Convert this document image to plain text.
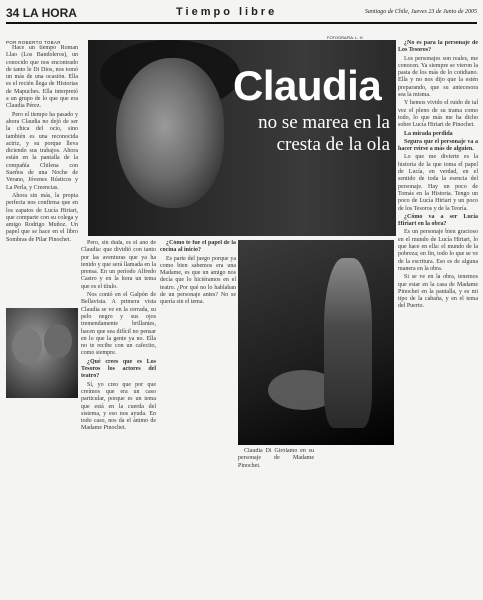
34 LA HORA	Tiempo libre	Santiago de Chile, Jueves 23 de Junio de 2005
POR ROBERTO TOBAR
FOTOGRAFÍA: L. H.

Hace un tiempo Roman Llao (Los Bandoleros), un conocido que nos encontrado de tanto le Di Dios, nos tomó un más de una ocasión. Ella es el recién llega de Historias de Mapuches. Ella interpretó a un grupo de lo que que era Claudia Pérez.

Pero el tiempo ha pasado y ahora Claudia no dejó de ser la chica del ocio, sino también es una reconocida actriz, y su porque lleva diciendo sus trabajos. Ahora están en la pantalla de la compañía Chilena con Sueños de una Noche de Verano, Jóvenes Rústicos y La Perla, y Creencias.

Ahora sin más, la propia perfecta nos confirma que en los zapatos de Lucía Hiriart, que comparte con su colega y amigo Rodrigo Muñoz. Un papel que se hace en el libro Sombras de Pilar Pinochet.

Claudia
no se marea en la cresta de la ola

Pero, sin duda, es el ano de Claudia: que dividió con tanto por las aventuras que ya ha tenido y que será llamada en la prensa. En un período Alfredo Castro y en la hora un tema que es el título.

Nos contó en el Galpón de Bellavista. A primera vista Claudia se ve en la cerrada, su pelo negro y sus ojos tremendamente brillantes, hacen que sea difícil no pensar en lo que la gente ya no. Ella no te recibe con un cafecito, como siempre.

¿Qué crees que es Los Tesoros los actores del teatro?

Sí, yo creo que por que creímos que era un caso particular, porque es un tema que está en la cuerda del sistema, y eso nos ayuda. En todo caso, nos da el ánimo de Madame Pinochet.

¿Cómo te fue el papel de la cocina al inicio?

Es parte del juego porque ya como bien sabemos era una Madame, es que un amigo nos decía que lo hiciéramos en el teatro. ¿Por qué no lo hablaban de un personaje antes? No se quería sin el tema.

Claudia Di Girólamo en su personaje de Madame Pinochet.

¿No es para la personaje de Los Tesoros?

Los personajes son reales, me conocen. Ya siempre se vieron la pasta de los más de lo cotidiano. Ella y no nos dijo que la estén preparando, que su antecesora sea la misma.

Y hemos vivido el ruido de tal vez el pleno de su trama como todo, lo que más me ha dicho sobre Lucía Hiriart de Pinochet.

La mirada perdida

Segura que el personaje va a hacer reirse a más de alguien.

Lo que me divierte es la historia de la que toma el papel de Lucía, en verdad, en el sentido de toda la esencia del personaje. Hay un poco de Tomás en la Historia. Tengo un poco de Lucía Hiriart y un poco de los Tesoros y de la Teoría.

¿Cómo va a ser Lucía Hiriart en la obra?

Es un personaje bien gracioso en el mundo de Lucía Hiriart, lo que hace en ella: el mundo de la pobreza; en fin, todo lo que se ve de la escritura. Eso es de alguna manera en la obra.

Si se ve en la obra, tenemos que estar en la casa de Madame Pinochet en la pantalla, y es mi tipo de la cabaña, y en el tema del Puerto.
